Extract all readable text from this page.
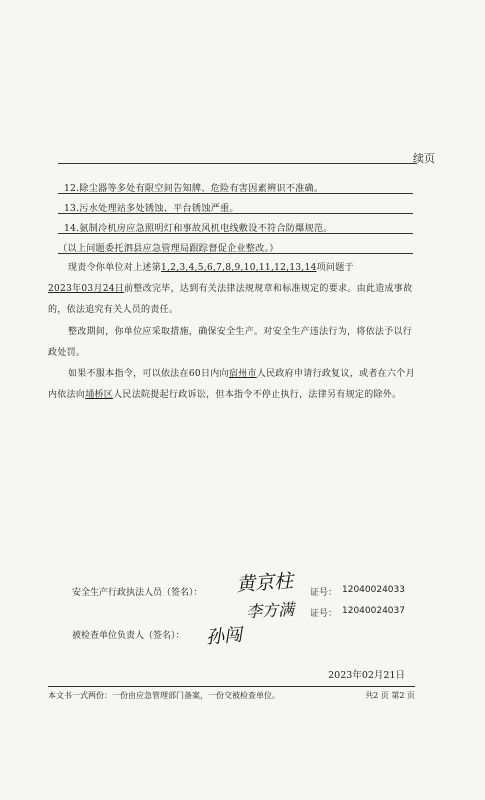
续页
12.除尘器等多处有限空间告知牌、危险有害因素辨识不准确。
13.污水处理站多处锈蚀、平台锈蚀严重。
14.氨制冷机房应急照明灯和事故风机电线敷设不符合防爆规范。
（以上问题委托泗县应急管理局跟踪督促企业整改。）
现责令你单位对上述第1,2,3,4,5,6,7,8,9,10,11,12,13,14项问题于
2023年03月24日前整改完毕，达到有关法律法规规章和标准规定的要求。由此造成事故的，依法追究有关人员的责任。
整改期间，你单位应采取措施，确保安全生产。对安全生产违法行为，将依法予以行政处罚。
如果不服本指令，可以依法在60日内向宿州市人民政府申请行政复议，或者在六个月内依法向埇桥区人民法院提起行政诉讼，但本指令不停止执行，法律另有规定的除外。
安全生产行政执法人员（签名）： 黄京柱
李方满
证号： 12040024033
证号： 12040024037
被检查单位负责人（签名）： 孙闯
2023年02月21日
本文书一式两份：一份由应急管理部门备案，一份交被检查单位。	共2 页 第2 页
